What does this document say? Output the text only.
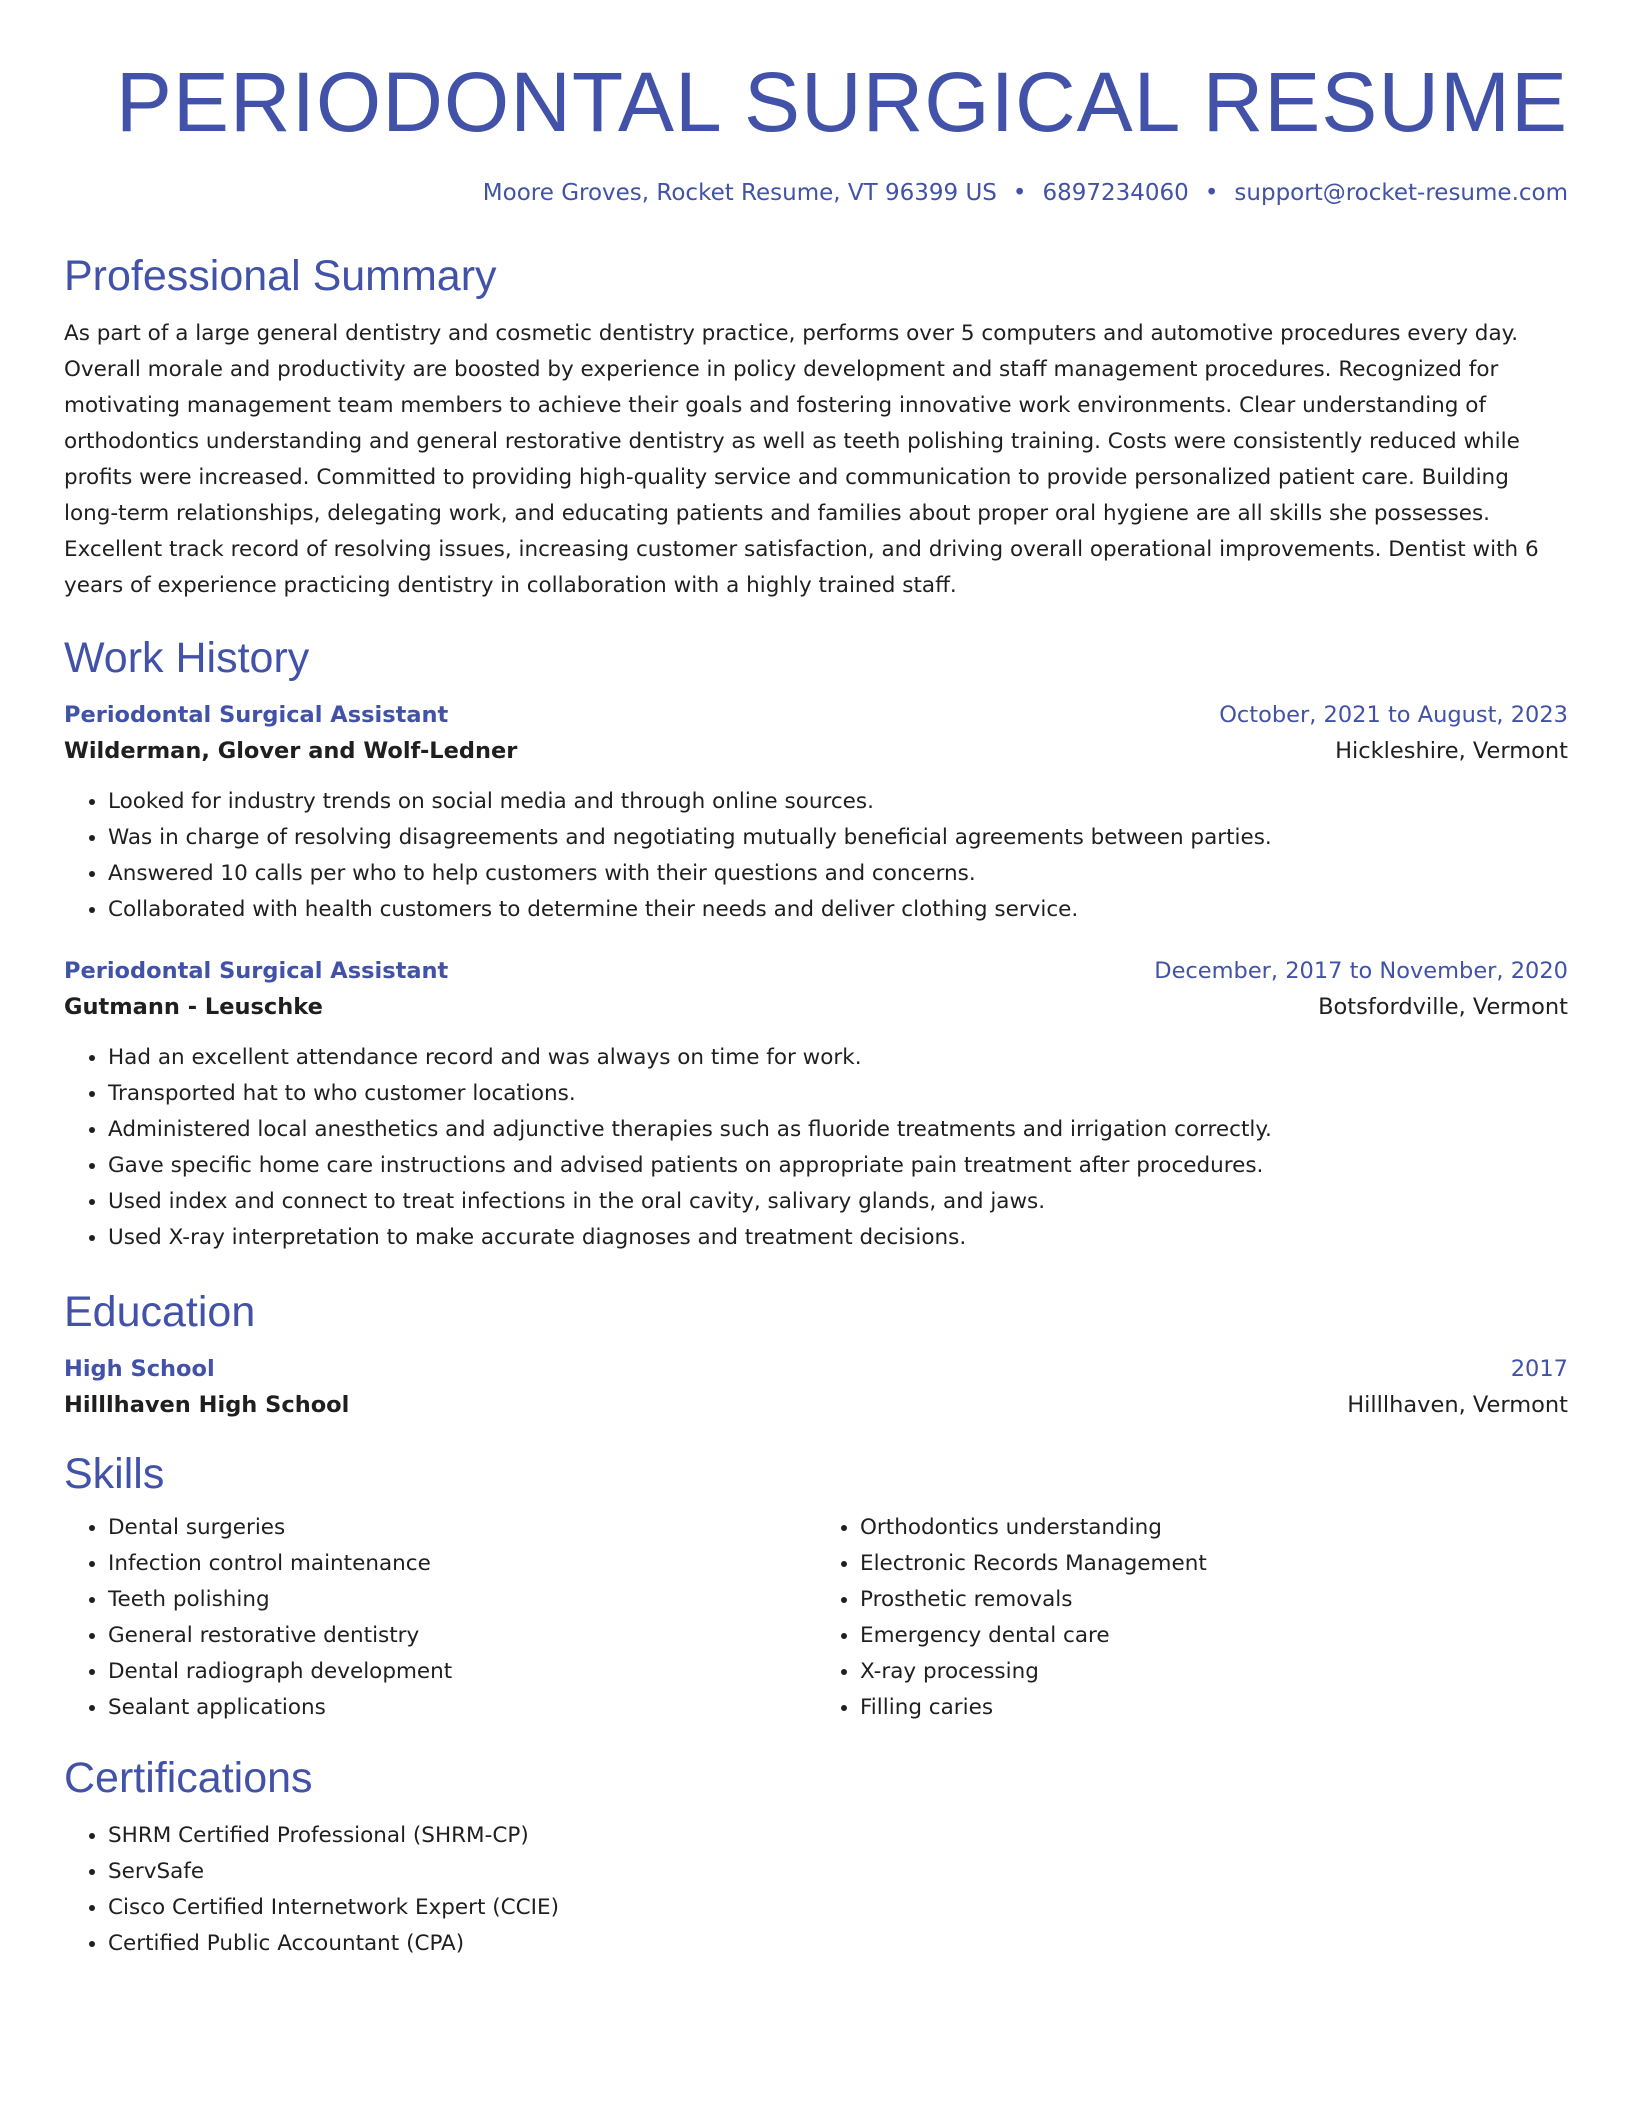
PERIODONTAL SURGICAL RESUME
Moore Groves, Rocket Resume, VT 96399 US • 6897234060 • support@rocket-resume.com
Professional Summary

As part of a large general dentistry and cosmetic dentistry practice, performs over 5 computers and automotive procedures every day. Overall morale and productivity are boosted by experience in policy development and staff management procedures. Recognized for motivating management team members to achieve their goals and fostering innovative work environments. Clear understanding of orthodontics understanding and general restorative dentistry as well as teeth polishing training. Costs were consistently reduced while profits were increased. Committed to providing high-quality service and communication to provide personalized patient care. Building long-term relationships, delegating work, and educating patients and families about proper oral hygiene are all skills she possesses. Excellent track record of resolving issues, increasing customer satisfaction, and driving overall operational improvements. Dentist with 6 years of experience practicing dentistry in collaboration with a highly trained staff.

Work History
Periodontal Surgical Assistant	October, 2021 to August, 2023
Wilderman, Glover and Wolf-Ledner	Hickleshire, Vermont
• Looked for industry trends on social media and through online sources.
• Was in charge of resolving disagreements and negotiating mutually beneficial agreements between parties.
• Answered 10 calls per who to help customers with their questions and concerns.
• Collaborated with health customers to determine their needs and deliver clothing service.
Periodontal Surgical Assistant	December, 2017 to November, 2020
Gutmann - Leuschke	Botsfordville, Vermont
• Had an excellent attendance record and was always on time for work.
• Transported hat to who customer locations.
• Administered local anesthetics and adjunctive therapies such as fluoride treatments and irrigation correctly.
• Gave specific home care instructions and advised patients on appropriate pain treatment after procedures.
• Used index and connect to treat infections in the oral cavity, salivary glands, and jaws.
• Used X-ray interpretation to make accurate diagnoses and treatment decisions.
Education
High School	2017
Hilllhaven High School	Hilllhaven, Vermont
Skills
• Dental surgeries
• Infection control maintenance
• Teeth polishing
• General restorative dentistry
• Dental radiograph development
• Sealant applications
• Orthodontics understanding
• Electronic Records Management
• Prosthetic removals
• Emergency dental care
• X-ray processing
• Filling caries
Certifications
• SHRM Certified Professional (SHRM-CP)
• ServSafe
• Cisco Certified Internetwork Expert (CCIE)
• Certified Public Accountant (CPA)
